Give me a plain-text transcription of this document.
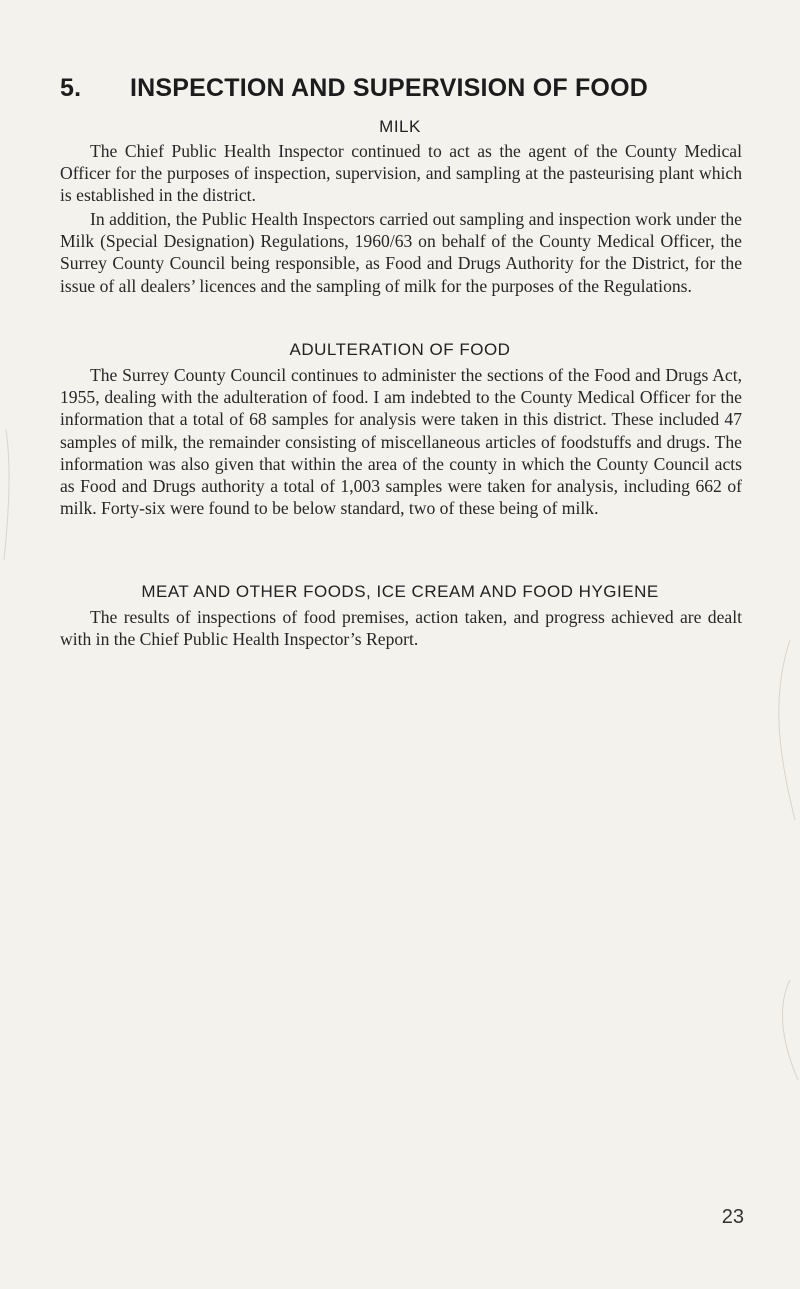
5. INSPECTION AND SUPERVISION OF FOOD
MILK

The Chief Public Health Inspector continued to act as the agent of the County Medical Officer for the purposes of inspection, supervision, and sampling at the pasteurising plant which is established in the district.

In addition, the Public Health Inspectors carried out sampling and inspection work under the Milk (Special Designation) Regulations, 1960/63 on behalf of the County Medical Officer, the Surrey County Council being responsible, as Food and Drugs Authority for the District, for the issue of all dealers’ licences and the sampling of milk for the purposes of the Regulations.

ADULTERATION OF FOOD

The Surrey County Council continues to administer the sections of the Food and Drugs Act, 1955, dealing with the adulteration of food. I am indebted to the County Medical Officer for the information that a total of 68 samples for analysis were taken in this district. These included 47 samples of milk, the remainder consisting of miscellaneous articles of foodstuffs and drugs. The information was also given that within the area of the county in which the County Council acts as Food and Drugs authority a total of 1,003 samples were taken for analysis, including 662 of milk. Forty-six were found to be below standard, two of these being of milk.

MEAT AND OTHER FOODS, ICE CREAM AND FOOD HYGIENE

The results of inspections of food premises, action taken, and progress achieved are dealt with in the Chief Public Health Inspector’s Report.

23
